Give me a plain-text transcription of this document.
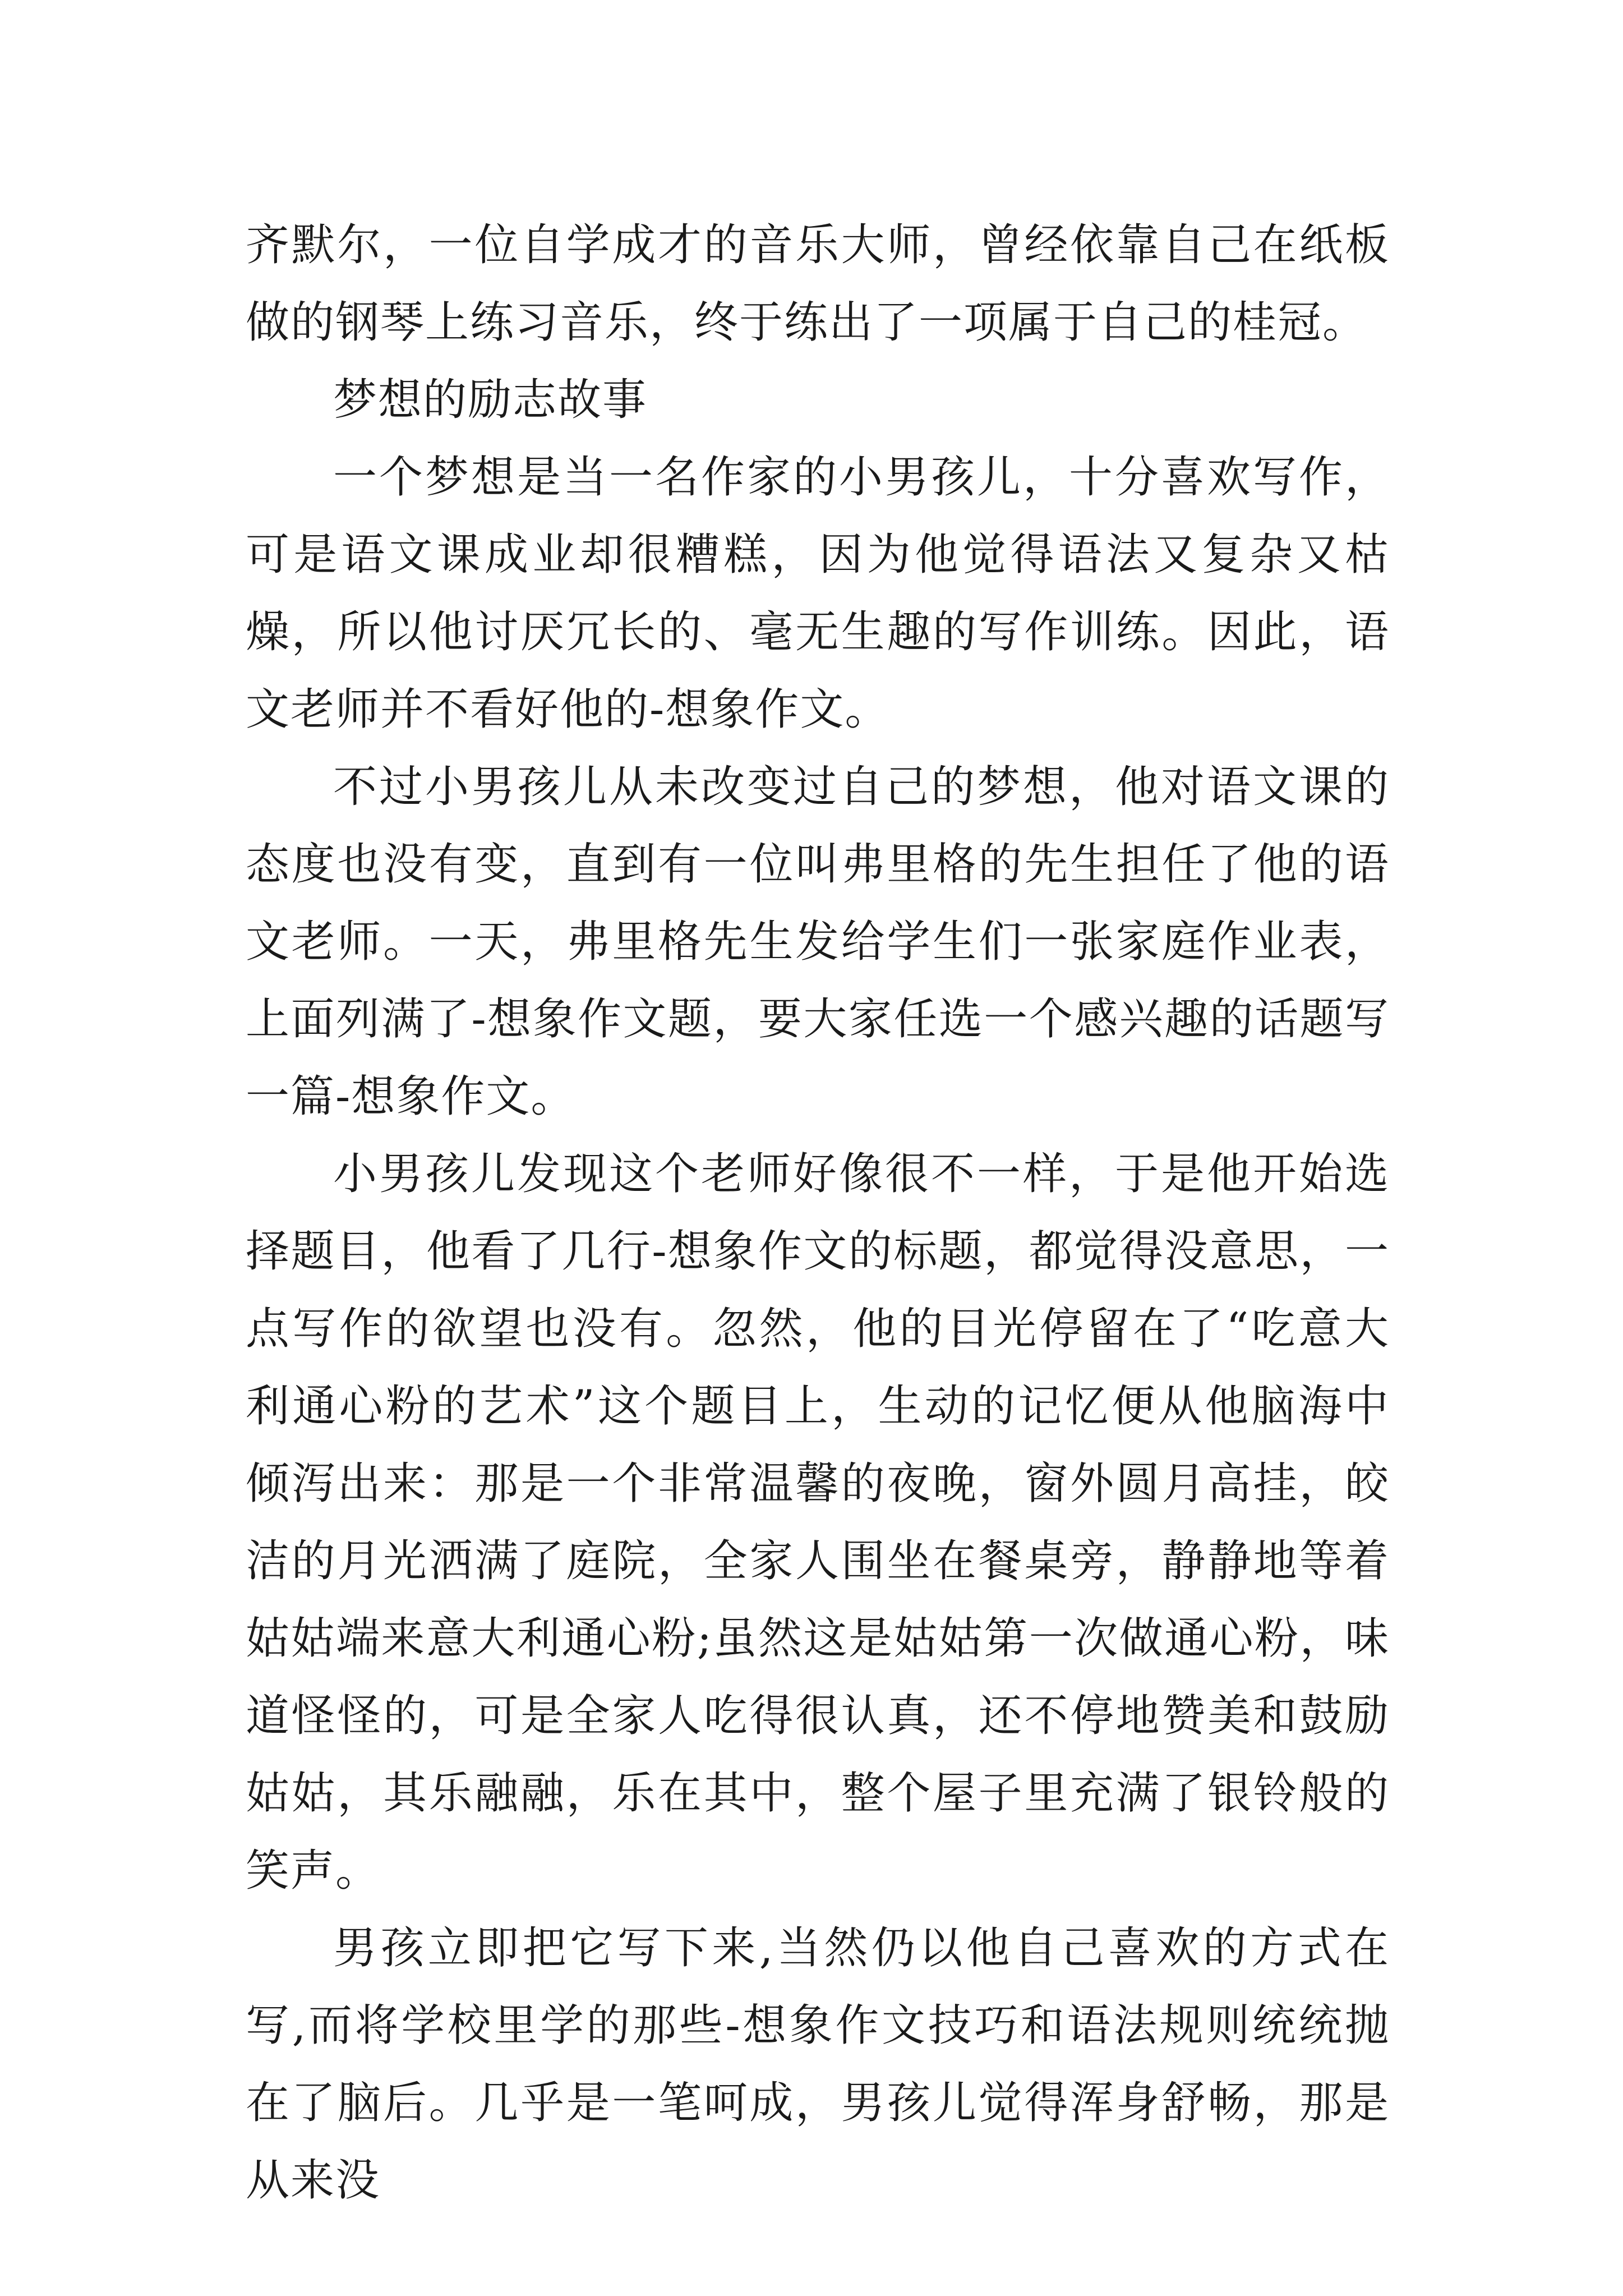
齐默尔，一位自学成才的音乐大师，曾经依靠自己在纸板做的钢琴上练习音乐，终于练出了一项属于自己的桂冠。

梦想的励志故事

一个梦想是当一名作家的小男孩儿，十分喜欢写作，可是语文课成业却很糟糕，因为他觉得语法又复杂又枯燥，所以他讨厌冗长的、毫无生趣的写作训练。因此，语文老师并不看好他的-想象作文。

不过小男孩儿从未改变过自己的梦想，他对语文课的态度也没有变，直到有一位叫弗里格的先生担任了他的语文老师。一天，弗里格先生发给学生们一张家庭作业表，上面列满了-想象作文题，要大家任选一个感兴趣的话题写一篇-想象作文。

小男孩儿发现这个老师好像很不一样，于是他开始选择题目，他看了几行-想象作文的标题，都觉得没意思，一点写作的欲望也没有。忽然，他的目光停留在了“吃意大利通心粉的艺术”这个题目上，生动的记忆便从他脑海中倾泻出来：那是一个非常温馨的夜晚，窗外圆月高挂，皎洁的月光洒满了庭院，全家人围坐在餐桌旁，静静地等着姑姑端来意大利通心粉;虽然这是姑姑第一次做通心粉，味道怪怪的，可是全家人吃得很认真，还不停地赞美和鼓励姑姑，其乐融融，乐在其中，整个屋子里充满了银铃般的笑声。

男孩立即把它写下来,当然仍以他自己喜欢的方式在写,而将学校里学的那些-想象作文技巧和语法规则统统抛在了脑后。几乎是一笔呵成，男孩儿觉得浑身舒畅，那是从来没
